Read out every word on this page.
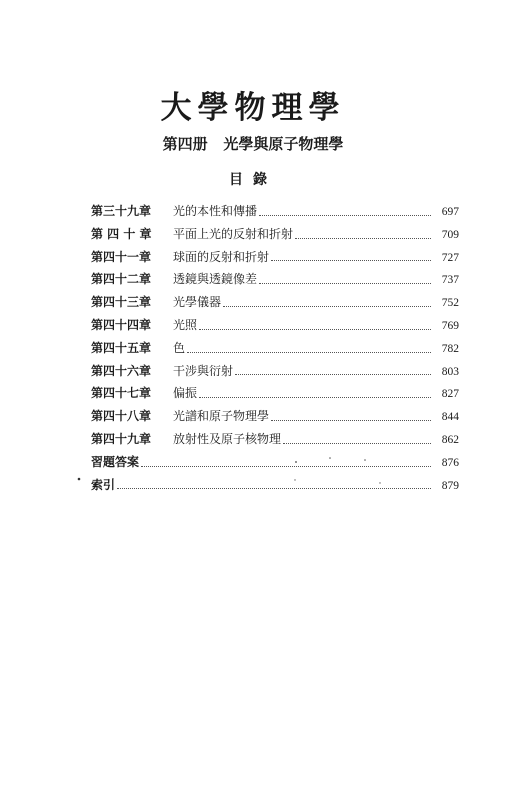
大學物理學
第四册   光學與原子物理學
目錄
第三十九章	光的本性和傳播	697
第 四 十 章	平面上光的反射和折射	709
第四十一章	球面的反射和折射	727
第四十二章	透鏡與透鏡像差	737
第四十三章	光學儀器	752
第四十四章	光照	769
第四十五章	色	782
第四十六章	干涉與衍射	803
第四十七章	偏振	827
第四十八章	光譜和原子物理學	844
第四十九章	放射性及原子核物理	862
習題答案	876
索引	879
